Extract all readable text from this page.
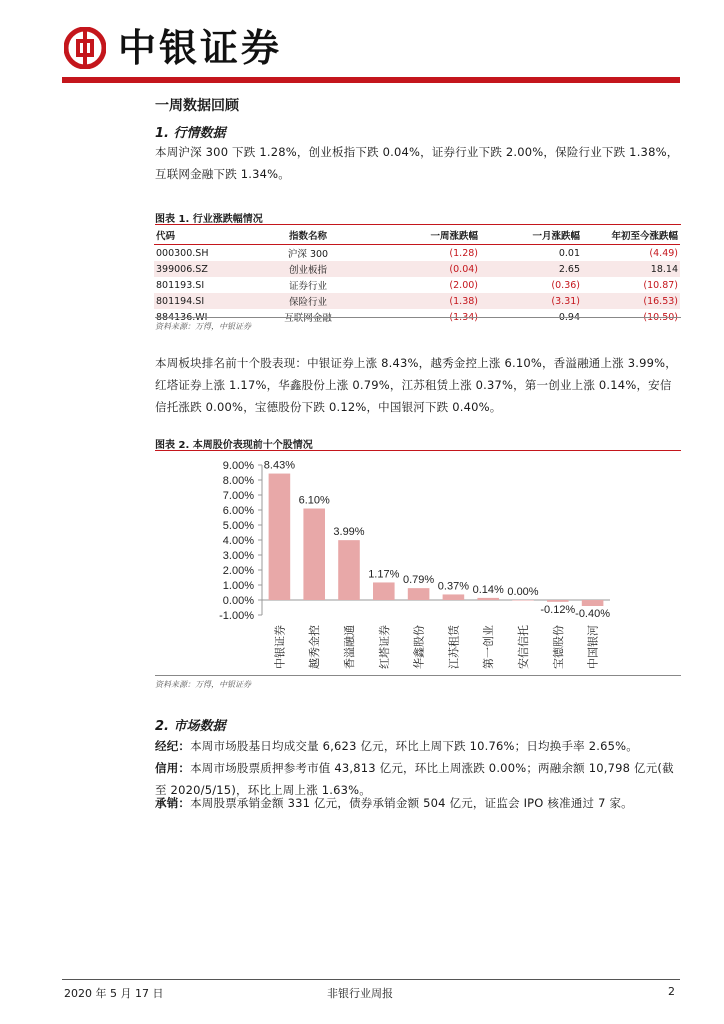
中银证券
一周数据回顾
1. 行情数据
本周沪深 300 下跌 1.28%，创业板指下跌 0.04%，证券行业下跌 2.00%，保险行业下跌 1.38%，互联网金融下跌 1.34%。
图表 1. 行业涨跌幅情况
代码	指数名称	一周涨跌幅	一月涨跌幅	年初至今涨跌幅
000300.SH	沪深 300	(1.28)	0.01	(4.49)
399006.SZ	创业板指	(0.04)	2.65	18.14
801193.SI	证券行业	(2.00)	(0.36)	(10.87)
801194.SI	保险行业	(1.38)	(3.31)	(16.53)
884136.WI	互联网金融	(1.34)	0.94	(10.50)
资料来源：万得，中银证券
本周板块排名前十个股表现：中银证券上涨 8.43%，越秀金控上涨 6.10%，香溢融通上涨 3.99%，红塔证券上涨 1.17%，华鑫股份上涨 0.79%，江苏租赁上涨 0.37%，第一创业上涨 0.14%，安信信托涨跌 0.00%，宝德股份下跌 0.12%，中国银河下跌 0.40%。
图表 2. 本周股价表现前十个股情况
9.00%
8.00%
7.00%
6.00%
5.00%
4.00%
3.00%
2.00%
1.00%
0.00%
-1.00%
8.43%
中银证券
6.10%
越秀金控
3.99%
香溢融通
1.17%
红塔证券
0.79%
华鑫股份
0.37%
江苏租赁
0.14%
第一创业
0.00%
安信信托
-0.12%
宝德股份
-0.40%
中国银河
资料来源：万得，中银证券
2. 市场数据
经纪：本周市场股基日均成交量 6,623 亿元，环比上周下跌 10.76%；日均换手率 2.65%。
信用：本周市场股票质押参考市值 43,813 亿元，环比上周涨跌 0.00%；两融余额 10,798 亿元(截至 2020/5/15)，环比上周上涨 1.63%。
承销：本周股票承销金额 331 亿元，债券承销金额 504 亿元，证监会 IPO 核准通过 7 家。
2020 年 5 月 17 日	非银行业周报	2
